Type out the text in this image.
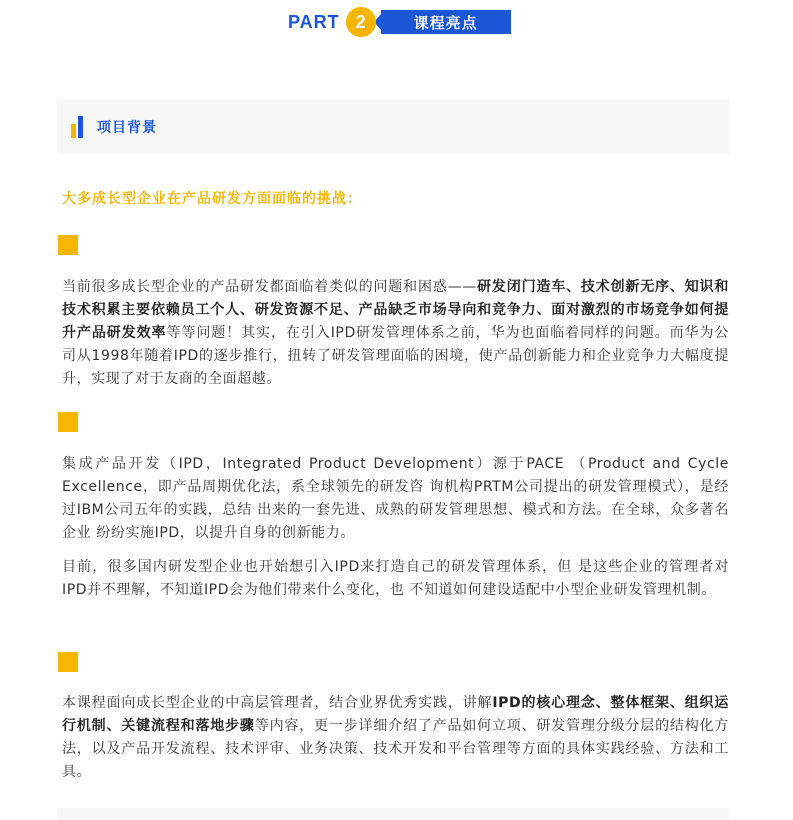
PART 2	课程亮点
项目背景
大多成长型企业在产品研发方面面临的挑战：

当前很多成长型企业的产品研发都面临着类似的问题和困惑——研发闭门造车、技术创新无序、知识和技术积累主要依赖员工个人、研发资源不足、产品缺乏市场导向和竞争力、面对激烈的市场竞争如何提升产品研发效率等等问题！其实，在引入IPD研发管理体系之前，华为也面临着同样的问题。而华为公司从1998年随着IPD的逐步推行，扭转了研发管理面临的困境，使产品创新能力和企业竞争力大幅度提升，实现了对于友商的全面超越。

集成产品开发（IPD，Integrated Product Development）源于PACE （Product and Cycle Excellence，即产品周期优化法，系全球领先的研发咨 询机构PRTM公司提出的研发管理模式），是经过IBM公司五年的实践，总结 出来的一套先进、成熟的研发管理思想、模式和方法。在全球，众多著名企业 纷纷实施IPD，以提升自身的创新能力。

目前，很多国内研发型企业也开始想引入IPD来打造自己的研发管理体系，但 是这些企业的管理者对IPD并不理解，不知道IPD会为他们带来什么变化，也 不知道如何建设适配中小型企业研发管理机制。

本课程面向成长型企业的中高层管理者，结合业界优秀实践，讲解IPD的核心理念、整体框架、组织运行机制、关键流程和落地步骤等内容，更一步详细介绍了产品如何立项、研发管理分级分层的结构化方法，以及产品开发流程、技术评审、业务决策、技术开发和平台管理等方面的具体实践经验、方法和工具。
